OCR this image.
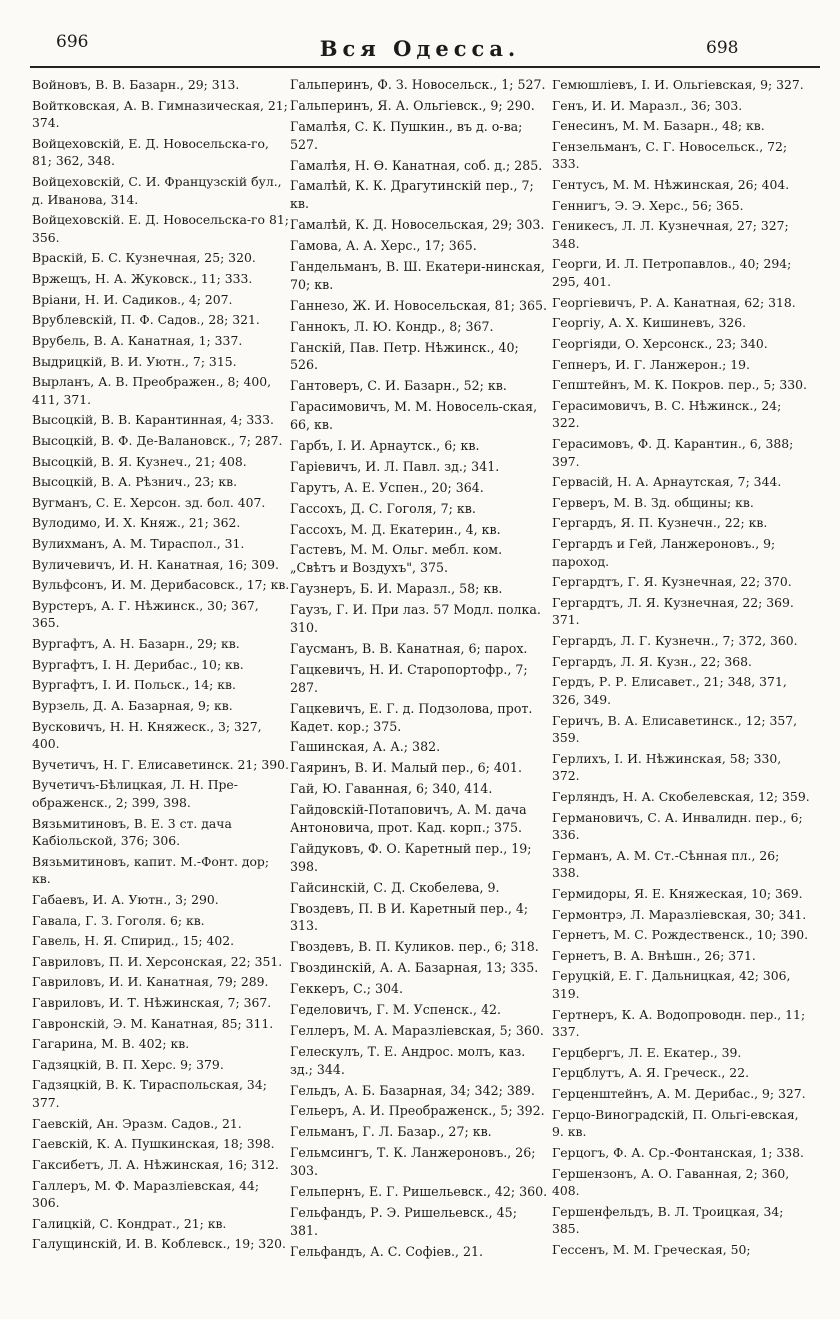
696	Вся Одесса.	698
Войновъ, В. В. Базарн., 29; 313.
Войтковская, А. В. Гимназическая, 21; 374.
Войцеховскій, Е. Д. Новосельска-го, 81; 362, 348.
Войцеховскій, С. И. Французскій бул., д. Иванова, 314.
Войцеховскій. Е. Д. Новосельска-го 81; 356.
Враскій, Б. С. Кузнечная, 25; 320.
Вржещъ, Н. А. Жуковск., 11; 333.
Вріани, Н. И. Садиков., 4; 207.
Врублевскій, П. Ф. Садов., 28; 321.
Врубель, В. А. Канатная, 1; 337.
Выдрицкій, В. И. Уютн., 7; 315.
Вырланъ, А. В. Преображен., 8; 400, 411, 371.
Высоцкій, В. В. Карантинная, 4; 333.
Высоцкій, В. Ф. Де-Валановск., 7; 287.
Высоцкій, В. Я. Кузнеч., 21; 408.
Высоцкій, В. А. Рѣзнич., 23; кв.
Вугманъ, С. Е. Херсон. зд. бол. 407.
Вулодимо, И. Х. Княж., 21; 362.
Вулихманъ, А. М. Тираспол., 31.
Вуличевичъ, И. Н. Канатная, 16; 309.
Вульфсонъ, И. М. Дерибасовск., 17; кв.
Вурстеръ, А. Г. Нѣжинск., 30; 367, 365.
Вургафтъ, А. Н. Базарн., 29; кв.
Вургафтъ, І. Н. Дерибас., 10; кв.
Вургафтъ, І. И. Польск., 14; кв.
Вурзель, Д. А. Базарная, 9; кв.
Вусковичъ, Н. Н. Княжеск., 3; 327, 400.
Вучетичъ, Н. Г. Елисаветинск. 21; 390.
Вучетичъ-Бѣлицкая, Л. Н. Пре-ображенск., 2; 399, 398.
Вязьмитиновъ, В. Е. 3 ст. дача Кабіольской, 376; 306.
Вязьмитиновъ, капит. М.-Фонт. дор; кв.
Габаевъ, И. А. Уютн., 3; 290.
Гавала, Г. З. Гоголя. 6; кв.
Гавель, Н. Я. Спирид., 15; 402.
Гавриловъ, П. И. Херсонская, 22; 351.
Гавриловъ, И. И. Канатная, 79; 289.
Гавриловъ, И. Т. Нѣжинская, 7; 367.
Гавронскій, Э. М. Канатная, 85; 311.
Гагарина, М. В. 402; кв.
Гадзяцкій, В. П. Херс. 9; 379.
Гадзяцкій, В. К. Тираспольская, 34; 377.
Гаевскій, Ан. Эразм. Садов., 21.
Гаевскій, К. А. Пушкинская, 18; 398.
Гаксибетъ, Л. А. Нѣжинская, 16; 312.
Галлеръ, М. Ф. Маразліевская, 44; 306.
Галицкій, С. Кондрат., 21; кв.
Галущинскій, И. В. Коблевск., 19; 320.
Гальперинъ, Ф. З. Новосельск., 1; 527.
Гальперинъ, Я. А. Ольгіевск., 9; 290.
Гамалѣя, С. К. Пушкин., въ д. о-ва; 527.
Гамалѣя, Н. Ѳ. Канатная, соб. д.; 285.
Гамалѣй, К. К. Драгутинскій пер., 7; кв.
Гамалѣй, К. Д. Новосельская, 29; 303.
Гамова, А. А. Херс., 17; 365.
Гандельманъ, В. Ш. Екатери-нинская, 70; кв.
Ганнезо, Ж. И. Новосельская, 81; 365.
Ганнокъ, Л. Ю. Кондр., 8; 367.
Ганскій, Пав. Петр. Нѣжинск., 40; 526.
Гантоверъ, С. И. Базарн., 52; кв.
Гарасимовичъ, М. М. Новосель-ская, 66, кв.
Гарбъ, І. И. Арнаутск., 6; кв.
Гаріевичъ, И. Л. Павл. зд.; 341.
Гарутъ, А. Е. Успен., 20; 364.
Гассохъ, Д. С. Гоголя, 7; кв.
Гассохъ, М. Д. Екатерин., 4, кв.
Гастевъ, М. М. Ольг. мебл. ком. „Свѣтъ и Воздухъ", 375.
Гаузнеръ, Б. И. Маразл., 58; кв.
Гаузъ, Г. И. При лаз. 57 Модл. полка. 310.
Гаусманъ, В. В. Канатная, 6; парох.
Гацкевичъ, Н. И. Старопортофр., 7; 287.
Гацкевичъ, Е. Г. д. Подзолова, прот. Кадет. кор.; 375.
Гашинская, А. А.; 382.
Гаяринъ, В. И. Малый пер., 6; 401.
Гай, Ю. Гаванная, 6; 340, 414.
Гайдовскій-Потаповичъ, А. М. дача Антоновича, прот. Кад. корп.; 375.
Гайдуковъ, Ф. О. Каретный пер., 19; 398.
Гайсинскій, С. Д. Скобелева, 9.
Гвоздевъ, П. В И. Каретный пер., 4; 313.
Гвоздевъ, В. П. Куликов. пер., 6; 318.
Гвоздинскій, А. А. Базарная, 13; 335.
Геккеръ, С.; 304.
Геделовичъ, Г. М. Успенск., 42.
Геллеръ, М. А. Маразліевская, 5; 360.
Гелескулъ, Т. Е. Андрос. молъ, каз. зд.; 344.
Гельдъ, А. Б. Базарная, 34; 342; 389.
Гельеръ, А. И. Преображенск., 5; 392.
Гельманъ, Г. Л. Базар., 27; кв.
Гельмсингъ, Т. К. Ланжероновъ., 26; 303.
Гельпернъ, Е. Г. Ришельевск., 42; 360.
Гельфандъ, Р. Э. Ришельевск., 45; 381.
Гельфандъ, А. С. Софіев., 21.
Гемюшліевъ, І. И. Ольгіевская, 9; 327.
Генъ, И. И. Маразл., 36; 303.
Генесинъ, М. М. Базарн., 48; кв.
Гензельманъ, С. Г. Новосельск., 72; 333.
Гентусъ, М. М. Нѣжинская, 26; 404.
Геннигъ, Э. Э. Херс., 56; 365.
Геникесъ, Л. Л. Кузнечная, 27; 327; 348.
Георги, И. Л. Петропавлов., 40; 294; 295, 401.
Георгіевичъ, Р. А. Канатная, 62; 318.
Георгіу, А. Х. Кишиневъ, 326.
Георгіяди, О. Херсонск., 23; 340.
Гепнеръ, И. Г. Ланжерон.; 19.
Гепштейнъ, М. К. Покров. пер., 5; 330.
Герасимовичъ, В. С. Нѣжинск., 24; 322.
Герасимовъ, Ф. Д. Карантин., 6, 388; 397.
Гервасій, Н. А. Арнаутская, 7; 344.
Герверъ, М. В. Зд. общины; кв.
Гергардъ, Я. П. Кузнечн., 22; кв.
Гергардъ и Гей, Ланжероновъ., 9; пароход.
Гергардтъ, Г. Я. Кузнечная, 22; 370.
Гергардтъ, Л. Я. Кузнечная, 22; 369. 371.
Гергардъ, Л. Г. Кузнечн., 7; 372, 360.
Гергардъ, Л. Я. Кузн., 22; 368.
Гердъ, Р. Р. Елисавет., 21; 348, 371, 326, 349.
Геричъ, В. А. Елисаветинск., 12; 357, 359.
Герлихъ, І. И. Нѣжинская, 58; 330, 372.
Герляндъ, Н. А. Скобелевская, 12; 359.
Германовичъ, С. А. Инвалидн. пер., 6; 336.
Германъ, А. М. Ст.-Сѣнная пл., 26; 338.
Гермидоры, Я. Е. Княжеская, 10; 369.
Гермонтрэ, Л. Маразліевская, 30; 341.
Гернетъ, М. С. Рождественск., 10; 390.
Гернетъ, В. А. Внѣшн., 26; 371.
Геруцкій, Е. Г. Дальницкая, 42; 306, 319.
Гертнеръ, К. А. Водопроводн. пер., 11; 337.
Герцбергъ, Л. Е. Екатер., 39.
Герцблутъ, А. Я. Греческ., 22.
Герценштейнъ, А. М. Дерибас., 9; 327.
Герцо-Виноградскій, П. Ольгі-евская, 9. кв.
Герцогъ, Ф. А. Ср.-Фонтанская, 1; 338.
Гершензонъ, А. О. Гаванная, 2; 360, 408.
Гершенфельдъ, В. Л. Троицкая, 34; 385.
Гессенъ, М. М. Греческая, 50;
